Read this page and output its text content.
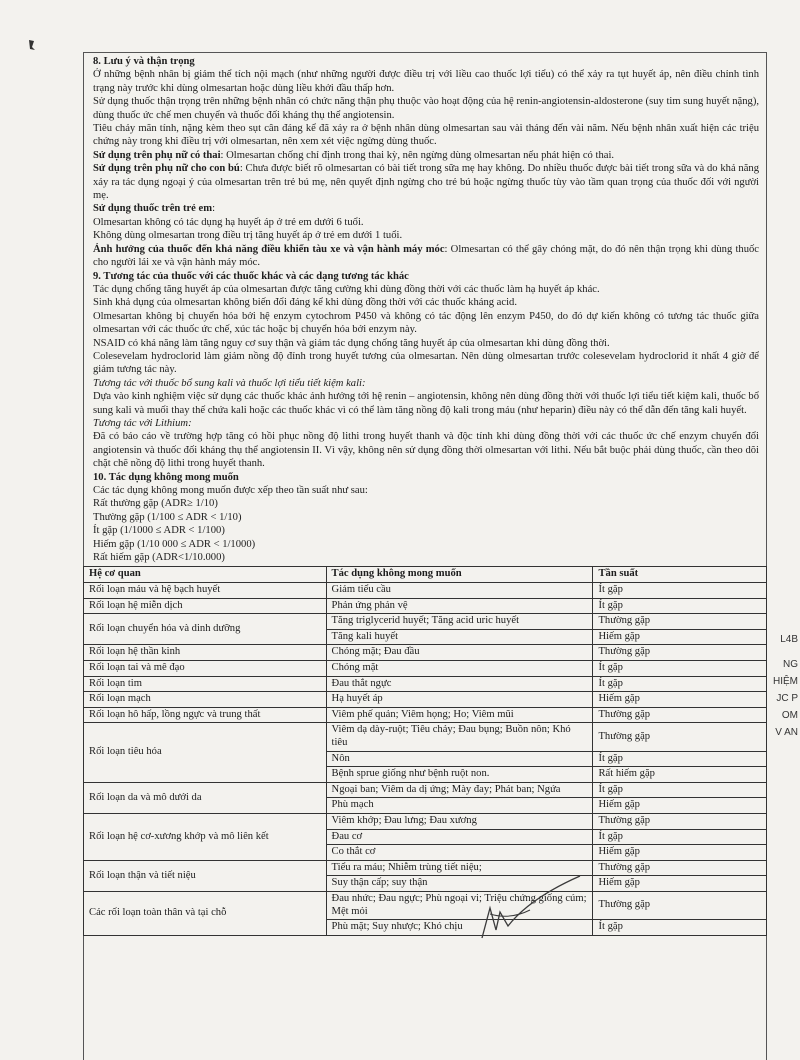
8. Lưu ý và thận trọng
Ở những bệnh nhân bị giảm thể tích nội mạch (như những người được điều trị với liều cao thuốc lợi tiểu) có thể xảy ra tụt huyết áp, nên điều chỉnh tình trạng này trước khi dùng olmesartan hoặc dùng liều khởi đầu thấp hơn.
Sử dụng thuốc thận trọng trên những bệnh nhân có chức năng thận phụ thuộc vào hoạt động của hệ renin-angiotensin-aldosterone (suy tim sung huyết nặng), dùng thuốc ức chế men chuyển và thuốc đối kháng thụ thể angiotensin.
Tiêu chảy mãn tính, nặng kèm theo sụt cân đáng kể đã xảy ra ở bệnh nhân dùng olmesartan sau vài tháng đến vài năm. Nếu bệnh nhân xuất hiện các triệu chứng này trong khi điều trị với olmesartan, nên xem xét việc ngừng dùng thuốc.
Sử dụng trên phụ nữ có thai: Olmesartan chống chỉ định trong thai kỳ, nên ngừng dùng olmesartan nếu phát hiện có thai.
Sử dụng trên phụ nữ cho con bú: Chưa được biết rõ olmesartan có bài tiết trong sữa mẹ hay không. Do nhiều thuốc được bài tiết trong sữa và do khả năng xảy ra tác dụng ngoại ý của olmesartan trên trẻ bú mẹ, nên quyết định ngừng cho trẻ bú hoặc ngừng thuốc tùy vào tầm quan trọng của thuốc đối với người mẹ.
Sử dụng thuốc trên trẻ em:
Olmesartan không có tác dụng hạ huyết áp ở trẻ em dưới 6 tuổi.
Không dùng olmesartan trong điều trị tăng huyết áp ở trẻ em dưới 1 tuổi.
Ảnh hưởng của thuốc đến khả năng điều khiển tàu xe và vận hành máy móc: Olmesartan có thể gây chóng mặt, do đó nên thận trọng khi dùng thuốc cho người lái xe và vận hành máy móc.
9. Tương tác của thuốc với các thuốc khác và các dạng tương tác khác
Tác dụng chống tăng huyết áp của olmesartan được tăng cường khi dùng đồng thời với các thuốc làm hạ huyết áp khác.
Sinh khả dụng của olmesartan không biến đổi đáng kể khi dùng đồng thời với các thuốc kháng acid.
Olmesartan không bị chuyển hóa bởi hệ enzym cytochrom P450 và không có tác động lên enzym P450, do đó dự kiến không có tương tác thuốc giữa olmesartan với các thuốc ức chế, xúc tác hoặc bị chuyển hóa bởi enzym này.
NSAID có khả năng làm tăng nguy cơ suy thận và giảm tác dụng chống tăng huyết áp của olmesartan khi dùng đồng thời.
Colesevelam hydroclorid làm giảm nồng độ đỉnh trong huyết tương của olmesartan. Nên dùng olmesartan trước colesevelam hydroclorid ít nhất 4 giờ để giảm tương tác này.
Tương tác với thuốc bổ sung kali và thuốc lợi tiểu tiết kiệm kali:
Dựa vào kinh nghiệm việc sử dụng các thuốc khác ảnh hưởng tới hệ renin – angiotensin, không nên dùng đồng thời với thuốc lợi tiểu tiết kiệm kali, thuốc bổ sung kali và muối thay thế chứa kali hoặc các thuốc khác vì có thể làm tăng nồng độ kali trong máu (như heparin) điều này có thể dẫn đến tăng kali huyết.
Tương tác với Lithium:
Đã có báo cáo về trường hợp tăng có hồi phục nồng độ lithi trong huyết thanh và độc tính khi dùng đồng thời với các thuốc ức chế enzym chuyển đổi angiotensin và thuốc đối kháng thụ thể angiotensin II. Vì vậy, không nên sử dụng đồng thời olmesartan với lithi. Nếu bắt buộc phải dùng thuốc, cần theo dõi chặt chẽ nồng độ lithi trong huyết thanh.
10. Tác dụng không mong muốn
Các tác dụng không mong muốn được xếp theo tần suất như sau:
Rất thường gặp (ADR≥ 1/10)
Thường gặp (1/100 ≤ ADR < 1/10)
Ít gặp (1/1000 ≤ ADR < 1/100)
Hiếm gặp (1/10 000 ≤ ADR < 1/1000)
Rất hiếm gặp (ADR<1/10.000)
Hệ cơ quan	Tác dụng không mong muốn	Tần suất
Rối loạn máu và hệ bạch huyết	Giảm tiểu cầu	Ít gặp
Rối loạn hệ miễn dịch	Phản ứng phản vệ	Ít gặp
Rối loạn chuyển hóa và dinh dưỡng	Tăng triglycerid huyết; Tăng acid uric huyết	Thường gặp
	Tăng kali huyết	Hiếm gặp
Rối loạn hệ thần kinh	Chóng mặt; Đau đầu	Thường gặp
Rối loạn tai và mê đạo	Chóng mặt	Ít gặp
Rối loạn tim	Đau thắt ngực	Ít gặp
Rối loạn mạch	Hạ huyết áp	Hiếm gặp
Rối loạn hô hấp, lồng ngực và trung thất	Viêm phế quản; Viêm họng; Ho; Viêm mũi	Thường gặp
Rối loạn tiêu hóa	Viêm dạ dày-ruột; Tiêu chảy; Đau bụng; Buồn nôn; Khó tiêu	Thường gặp
	Nôn	Ít gặp
	Bệnh sprue giống như bệnh ruột non.	Rất hiếm gặp
Rối loạn da và mô dưới da	Ngoại ban; Viêm da dị ứng; Mày đay; Phát ban; Ngứa	Ít gặp
	Phù mạch	Hiếm gặp
Rối loạn hệ cơ-xương khớp và mô liên kết	Viêm khớp; Đau lưng; Đau xương	Thường gặp
	Đau cơ	Ít gặp
	Co thắt cơ	Hiếm gặp
Rối loạn thận và tiết niệu	Tiểu ra máu; Nhiễm trùng tiết niệu;	Thường gặp
	Suy thận cấp; suy thận	Hiếm gặp
Các rối loạn toàn thân và tại chỗ	Đau nhức; Đau ngực; Phù ngoại vi; Triệu chứng giống cúm; Mệt mỏi	Thường gặp
	Phù mặt; Suy nhược; Khó chịu	Ít gặp
L4B
NG
HIỆM
JC P
OM
V AN
